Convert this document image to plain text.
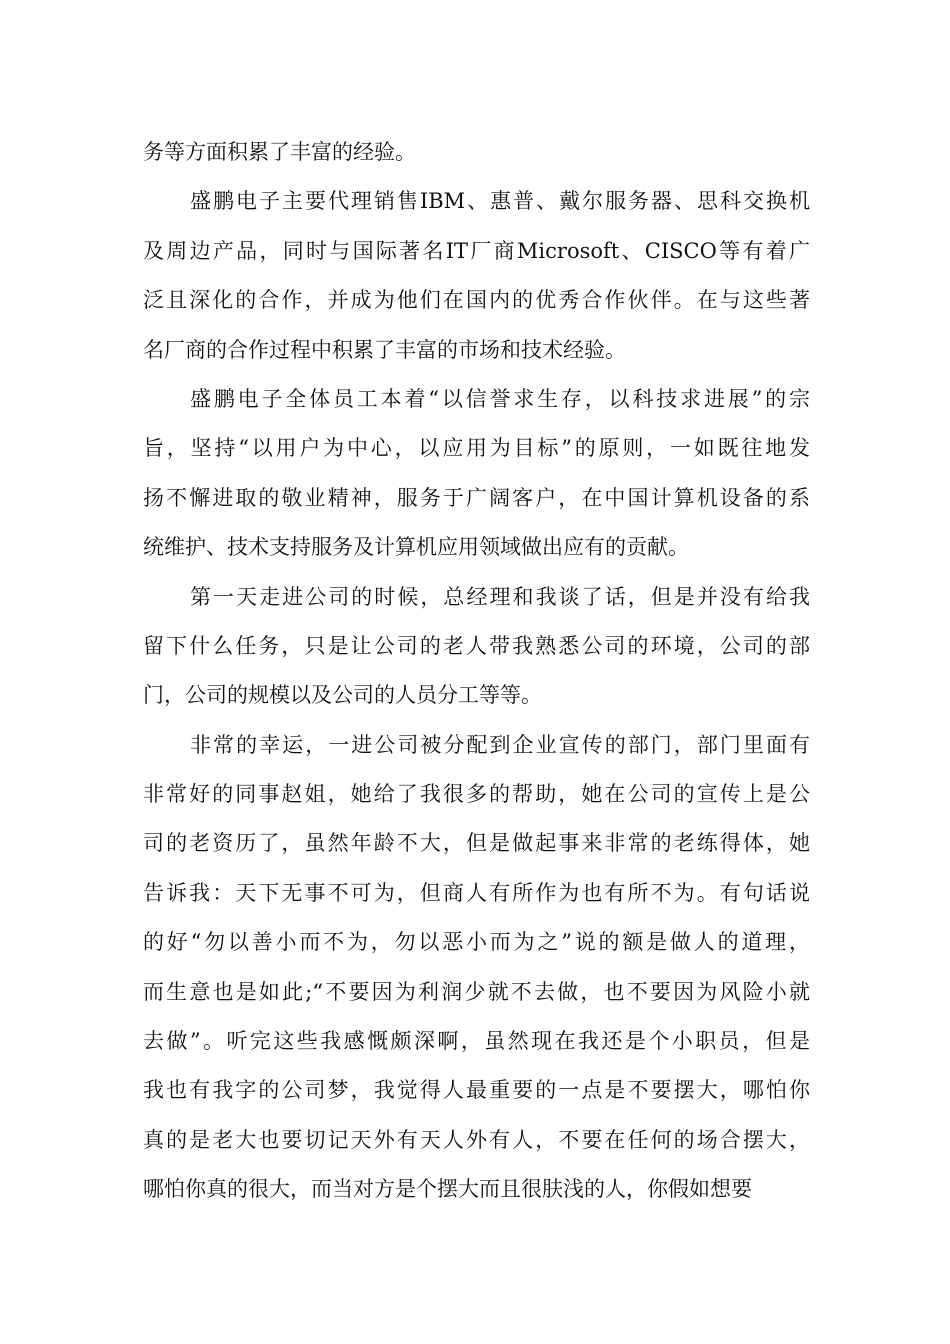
务等方面积累了丰富的经验。
盛鹏电子主要代理销售IBM、惠普、戴尔服务器、思科交换机
及周边产品，同时与国际著名IT厂商Microsoft、CISCO等有着广
泛且深化的合作，并成为他们在国内的优秀合作伙伴。在与这些著
名厂商的合作过程中积累了丰富的市场和技术经验。
盛鹏电子全体员工本着“以信誉求生存，以科技求进展”的宗
旨，坚持“以用户为中心，以应用为目标”的原则，一如既往地发
扬不懈进取的敬业精神，服务于广阔客户，在中国计算机设备的系
统维护、技术支持服务及计算机应用领域做出应有的贡献。
第一天走进公司的时候，总经理和我谈了话，但是并没有给我
留下什么任务，只是让公司的老人带我熟悉公司的环境，公司的部
门，公司的规模以及公司的人员分工等等。
非常的幸运，一进公司被分配到企业宣传的部门，部门里面有
非常好的同事赵姐，她给了我很多的帮助，她在公司的宣传上是公
司的老资历了，虽然年龄不大，但是做起事来非常的老练得体，她
告诉我：天下无事不可为，但商人有所作为也有所不为。有句话说
的好“勿以善小而不为，勿以恶小而为之”说的额是做人的道理，
而生意也是如此;“不要因为利润少就不去做，也不要因为风险小就
去做”。听完这些我感慨颇深啊，虽然现在我还是个小职员，但是
我也有我字的公司梦，我觉得人最重要的一点是不要摆大，哪怕你
真的是老大也要切记天外有天人外有人，不要在任何的场合摆大，
哪怕你真的很大，而当对方是个摆大而且很肤浅的人，你假如想要
